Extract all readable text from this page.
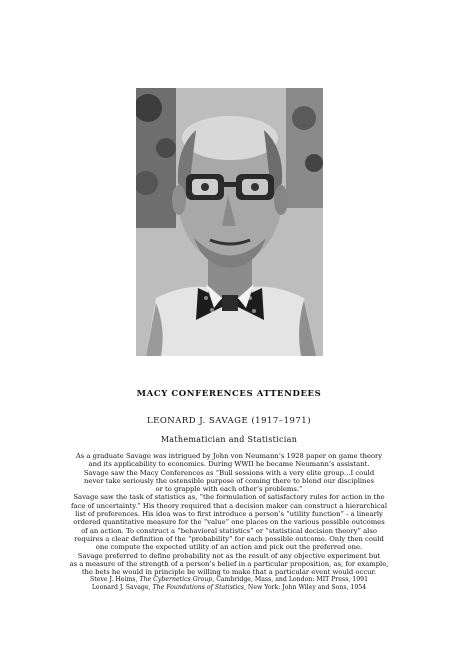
MACY CONFERENCES ATTENDEES
LEONARD J. SAVAGE (1917–1971)
Mathematician and Statistician
As a graduate Savage was intrigued by John von Neumann’s 1928 paper on game theory
and its applicability to economics. During WWII he became Neumann’s assistant.
Savage saw the Macy Conferences as “Bull sessions with a very elite group...I could
never take seriously the ostensible purpose of coming there to blend our disciplines
or to grapple with each other’s problems.”
Savage saw the task of statistics as, “the formulation of satisfactory rules for action in the
face of uncertainty.” His theory required that a decision maker can construct a hierarchical
list of preferences. His idea was to first introduce a person’s “utility function” - a linearly
ordered quantitative measure for the “value” one places on the various possible outcomes
of an action. To construct a “behavioral statistics” or “statistical decision theory” also
requires a clear definition of the “probability” for each possible outcome. Only then could
one compute the expected utility of an action and pick out the preferred one.
Savage preferred to define probability not as the result of any objective experiment but
as a measure of the strength of a person’s belief in a particular proposition, as, for example,
the bets he would in principle be willing to make that a particular event would occur.
Steve J. Heims, The Cybernetics Group, Cambridge, Mass, and London: MIT Press, 1991
Leonard J. Savage, The Foundations of Statistics, New York: John Wiley and Sons, 1954
